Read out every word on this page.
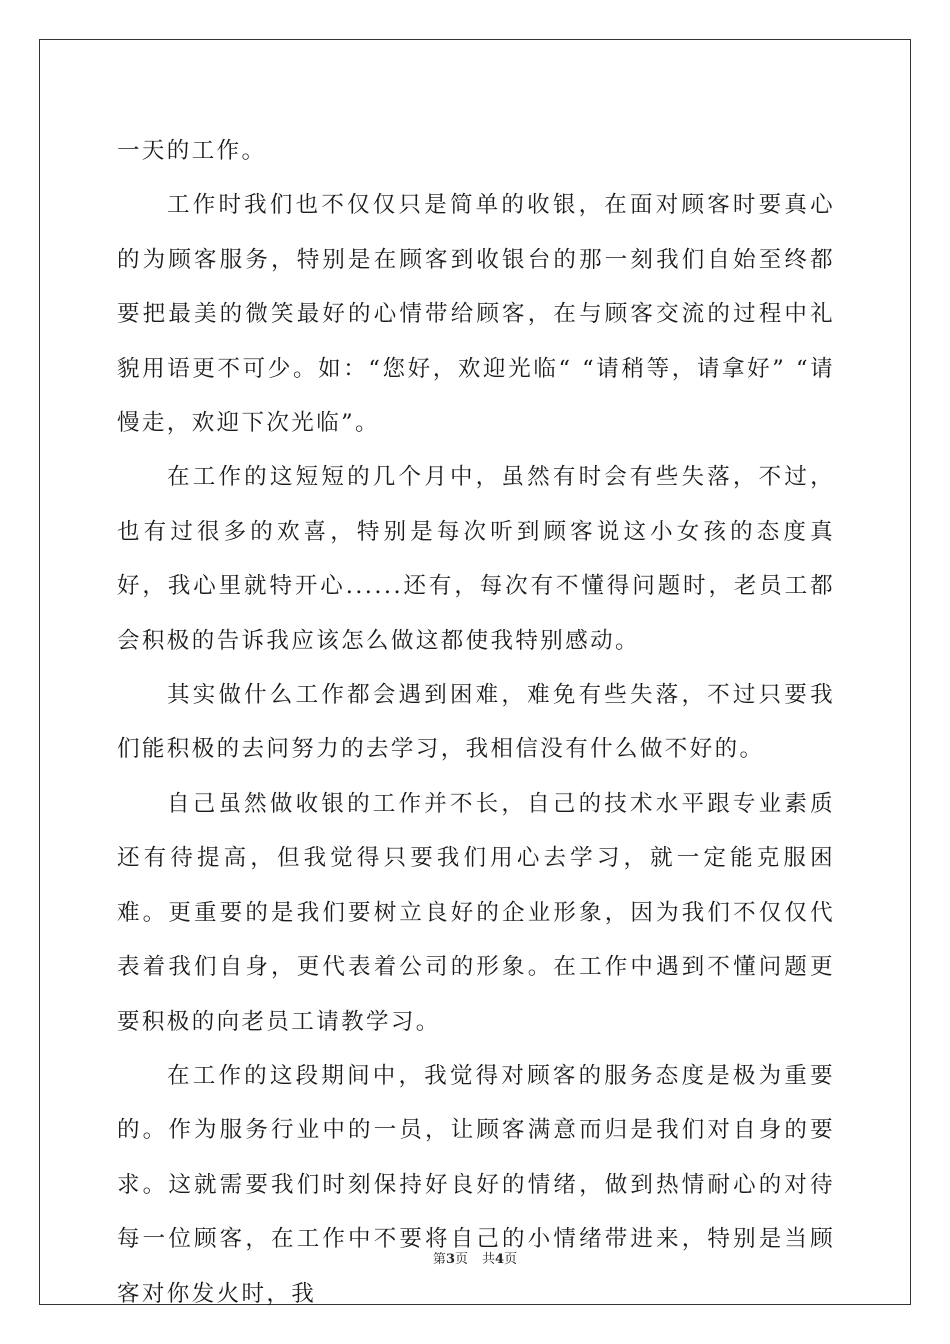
一天的工作。

工作时我们也不仅仅只是简单的收银，在面对顾客时要真心的为顾客服务，特别是在顾客到收银台的那一刻我们自始至终都要把最美的微笑最好的心情带给顾客，在与顾客交流的过程中礼貌用语更不可少。如：“您好，欢迎光临“ “请稍等，请拿好” “请慢走，欢迎下次光临”。

在工作的这短短的几个月中，虽然有时会有些失落，不过，也有过很多的欢喜，特别是每次听到顾客说这小女孩的态度真好，我心里就特开心......还有，每次有不懂得问题时，老员工都会积极的告诉我应该怎么做这都使我特别感动。

其实做什么工作都会遇到困难，难免有些失落，不过只要我们能积极的去问努力的去学习，我相信没有什么做不好的。

自己虽然做收银的工作并不长，自己的技术水平跟专业素质还有待提高，但我觉得只要我们用心去学习，就一定能克服困难。更重要的是我们要树立良好的企业形象，因为我们不仅仅代表着我们自身，更代表着公司的形象。在工作中遇到不懂问题更要积极的向老员工请教学习。

在工作的这段期间中，我觉得对顾客的服务态度是极为重要的。作为服务行业中的一员，让顾客满意而归是我们对自身的要求。这就需要我们时刻保持好良好的情绪，做到热情耐心的对待每一位顾客，在工作中不要将自己的小情绪带进来，特别是当顾客对你发火时，我

第3页 共4页
